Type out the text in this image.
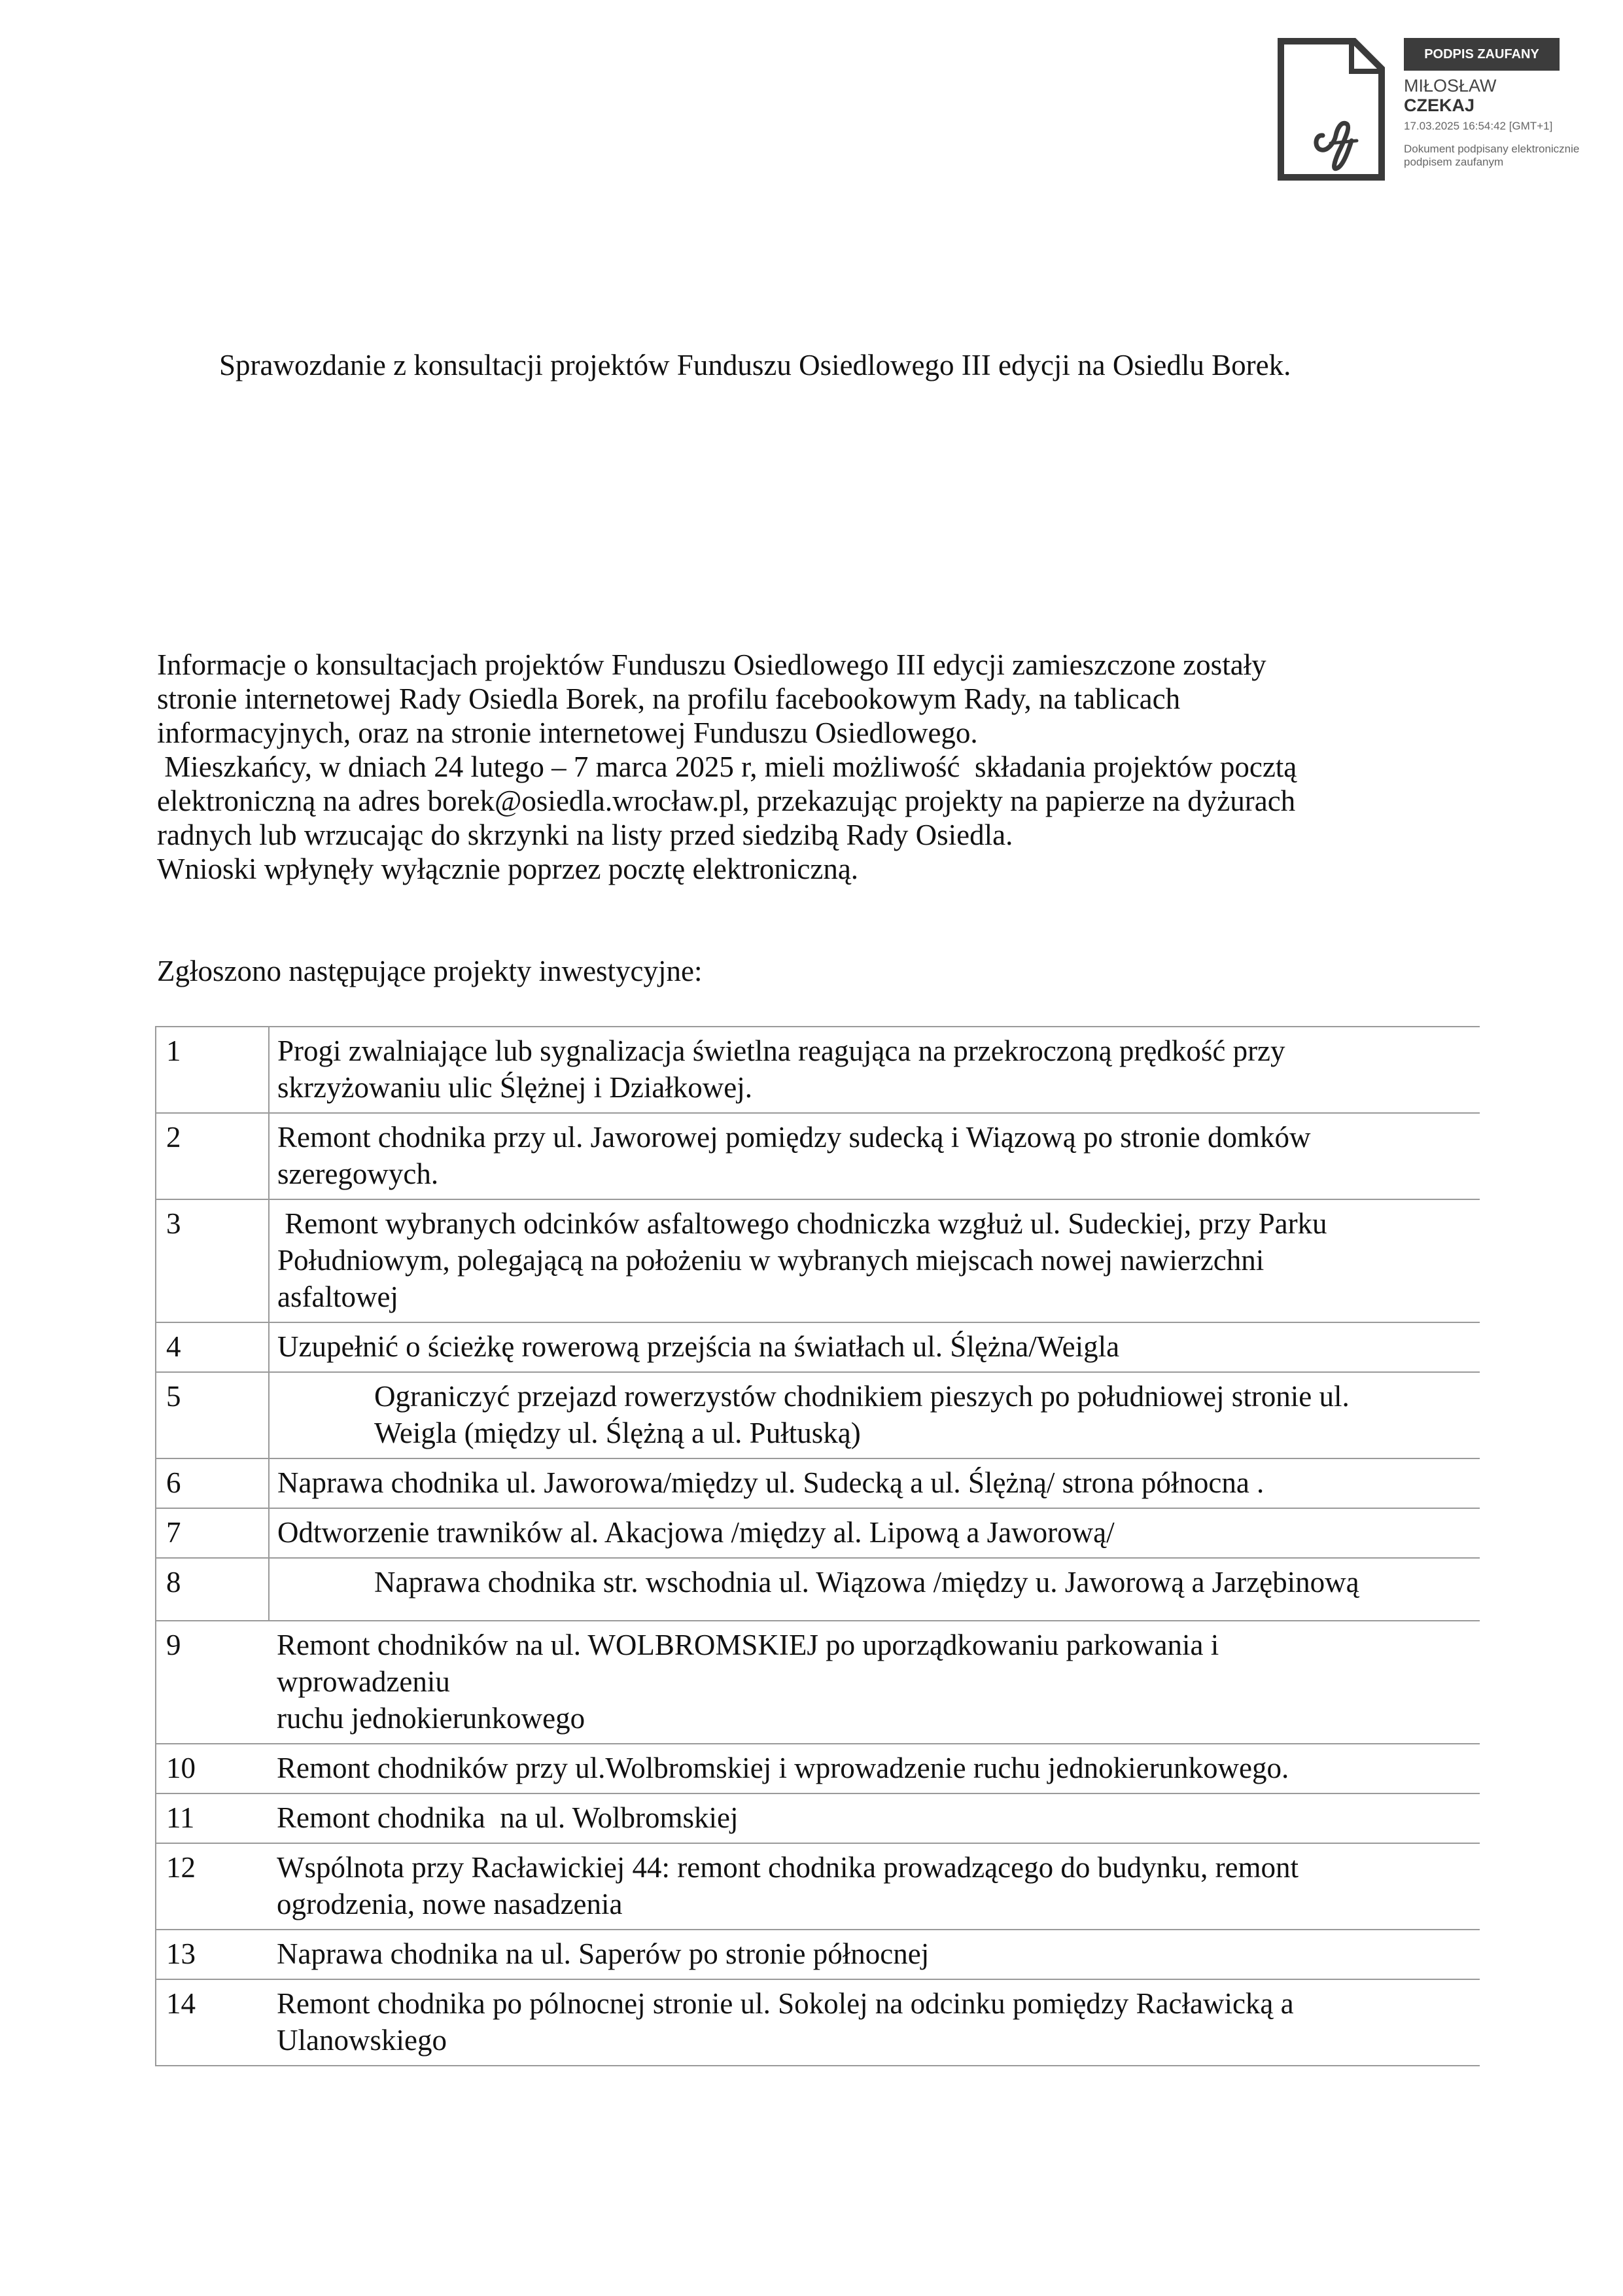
PODPIS ZAUFANY
MIŁOSŁAW
CZEKAJ
17.03.2025 16:54:42 [GMT+1]
Dokument podpisany elektronicznie
podpisem zaufanym
Sprawozdanie z konsultacji projektów Funduszu Osiedlowego III edycji na Osiedlu Borek.

Informacje o konsultacjach projektów Funduszu Osiedlowego III edycji zamieszczone zostały

stronie internetowej Rady Osiedla Borek, na profilu facebookowym Rady, na tablicach

informacyjnych, oraz na stronie internetowej Funduszu Osiedlowego.

Mieszkańcy, w dniach 24 lutego – 7 marca 2025 r, mieli możliwość  składania projektów pocztą

elektroniczną na adres borek@osiedla.wrocław.pl, przekazując projekty na papierze na dyżurach

radnych lub wrzucając do skrzynki na listy przed siedzibą Rady Osiedla.

Wnioski wpłynęły wyłącznie poprzez pocztę elektroniczną.

Zgłoszono następujące projekty inwestycyjne:

1	Progi zwalniające lub sygnalizacja świetlna reagująca na przekroczoną prędkość przy
skrzyżowaniu ulic Ślężnej i Działkowej.

2	Remont chodnika przy ul. Jaworowej pomiędzy sudecką i Wiązową po stronie domków
szeregowych.

3	Remont wybranych odcinków asfaltowego chodniczka wzgłuż ul. Sudeckiej, przy Parku
Południowym, polegającą na położeniu w wybranych miejscach nowej nawierzchni
asfaltowej

4	Uzupełnić o ścieżkę rowerową przejścia na światłach ul. Ślężna/Weigla

5	Ograniczyć przejazd rowerzystów chodnikiem pieszych po południowej stronie ul.
Weigla (między ul. Ślężną a ul. Pułtuską)

6	Naprawa chodnika ul. Jaworowa/między ul. Sudecką a ul. Ślężną/ strona północna .

7	Odtworzenie trawników al. Akacjowa /między al. Lipową a Jaworową/

8	Naprawa chodnika str. wschodnia ul. Wiązowa /między u. Jaworową a Jarzębinową

9	Remont chodników na ul. WOLBROMSKIEJ po uporządkowaniu parkowania i
wprowadzeniu
ruchu jednokierunkowego

10	Remont chodników przy ul.Wolbromskiej i wprowadzenie ruchu jednokierunkowego.

11	Remont chodnika  na ul. Wolbromskiej

12	Wspólnota przy Racławickiej 44: remont chodnika prowadzącego do budynku, remont
ogrodzenia, nowe nasadzenia

13	Naprawa chodnika na ul. Saperów po stronie północnej

14	Remont chodnika po pólnocnej stronie ul. Sokolej na odcinku pomiędzy Racławicką a
Ulanowskiego
